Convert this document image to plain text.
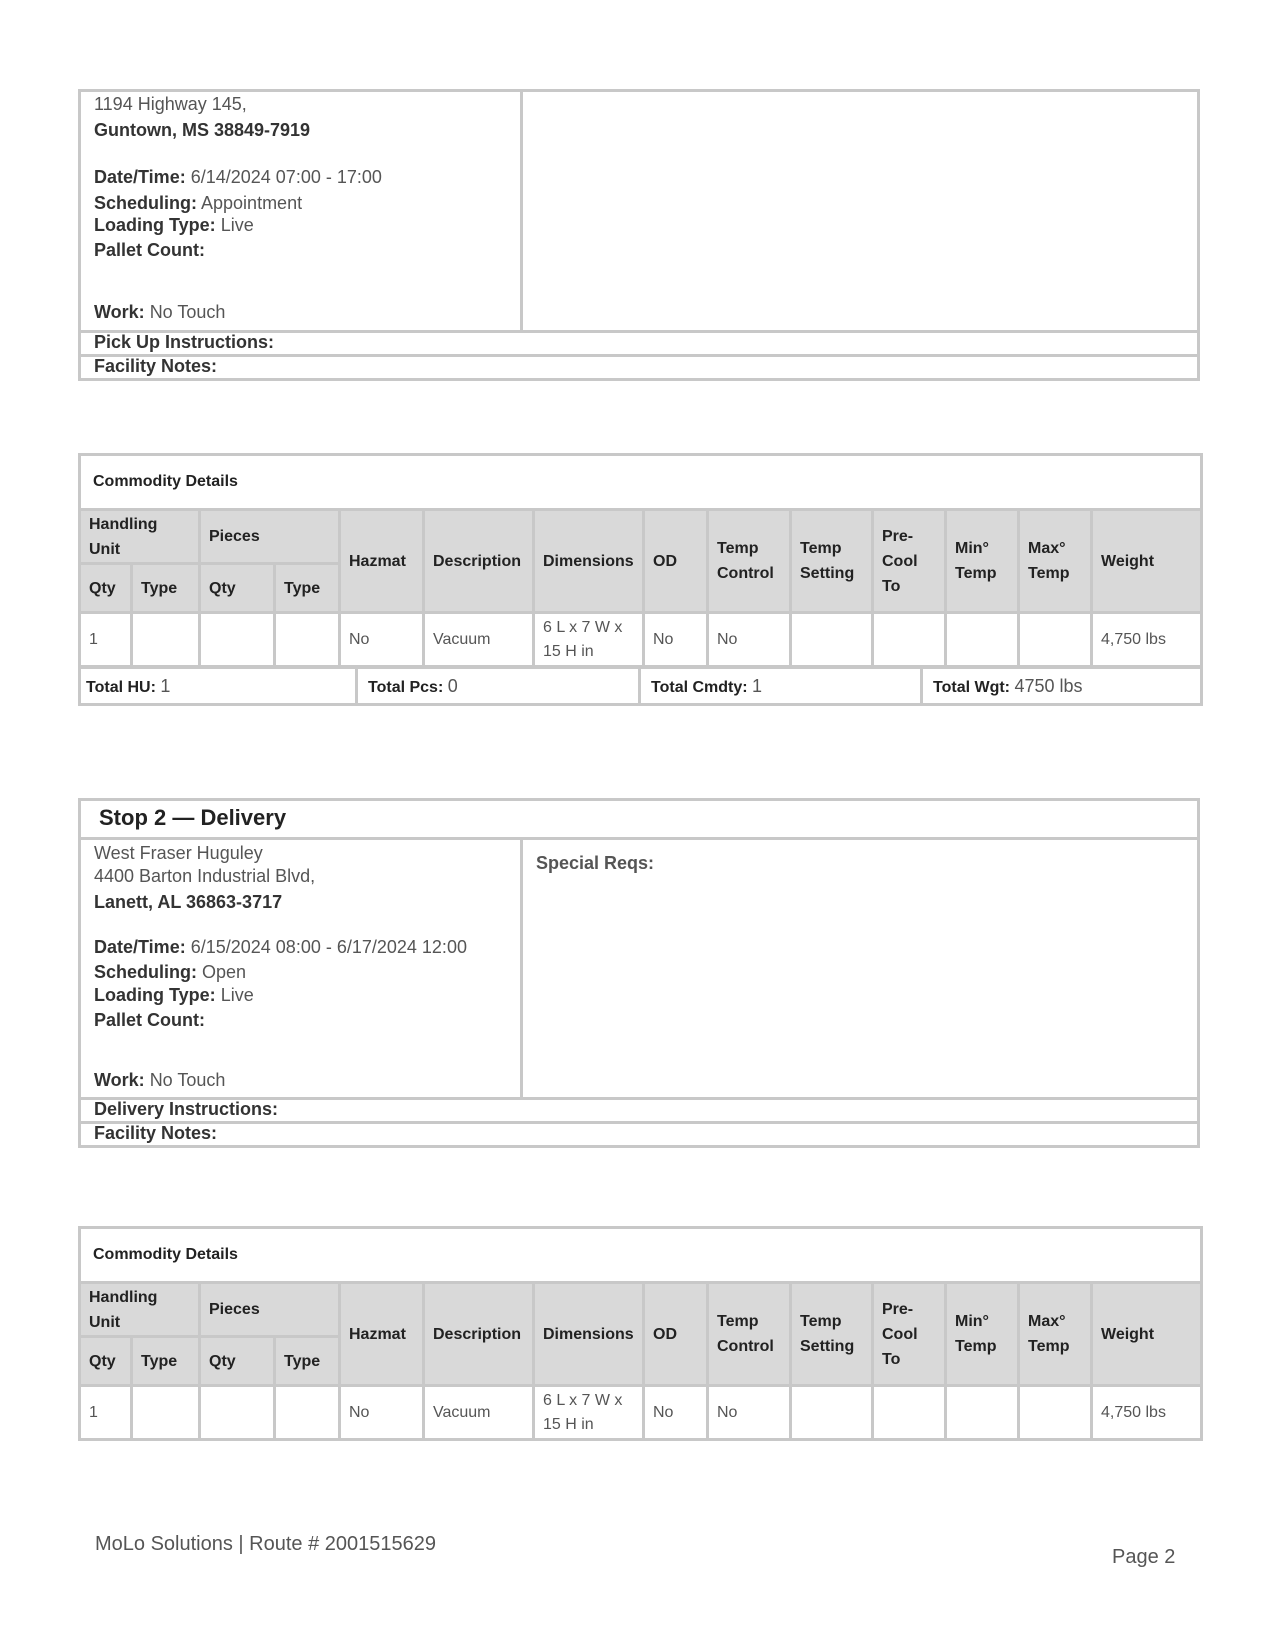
1194 Highway 145,
Guntown, MS 38849-7919
Date/Time: 6/14/2024 07:00 - 17:00
Scheduling: Appointment
Loading Type: Live
Pallet Count:
Work: No Touch
Pick Up Instructions:
Facility Notes:
Commodity Details													
Handling Unit		Pieces		Hazmat	Description	Dimensions	OD	Temp Control	Temp Setting	Pre-Cool To	Min° Temp	Max° Temp	Weight
Qty	Type	Qty	Type										
1				No	Vacuum	6 L x 7 W x 15 H in	No	No					4,750 lbs
Total HU: 1	Total Pcs: 0	Total Cmdty: 1	Total Wgt: 4750 lbs
Stop 2 — Delivery
West Fraser Huguley
4400 Barton Industrial Blvd,
Lanett, AL 36863-3717
Date/Time: 6/15/2024 08:00 - 6/17/2024 12:00
Scheduling: Open
Loading Type: Live
Pallet Count:
Work: No Touch
Special Reqs:
Delivery Instructions:
Facility Notes:
Commodity Details													
Handling Unit		Pieces		Hazmat	Description	Dimensions	OD	Temp Control	Temp Setting	Pre-Cool To	Min° Temp	Max° Temp	Weight
Qty	Type	Qty	Type										
1				No	Vacuum	6 L x 7 W x 15 H in	No	No					4,750 lbs
MoLo Solutions | Route # 2001515629
Page 2
